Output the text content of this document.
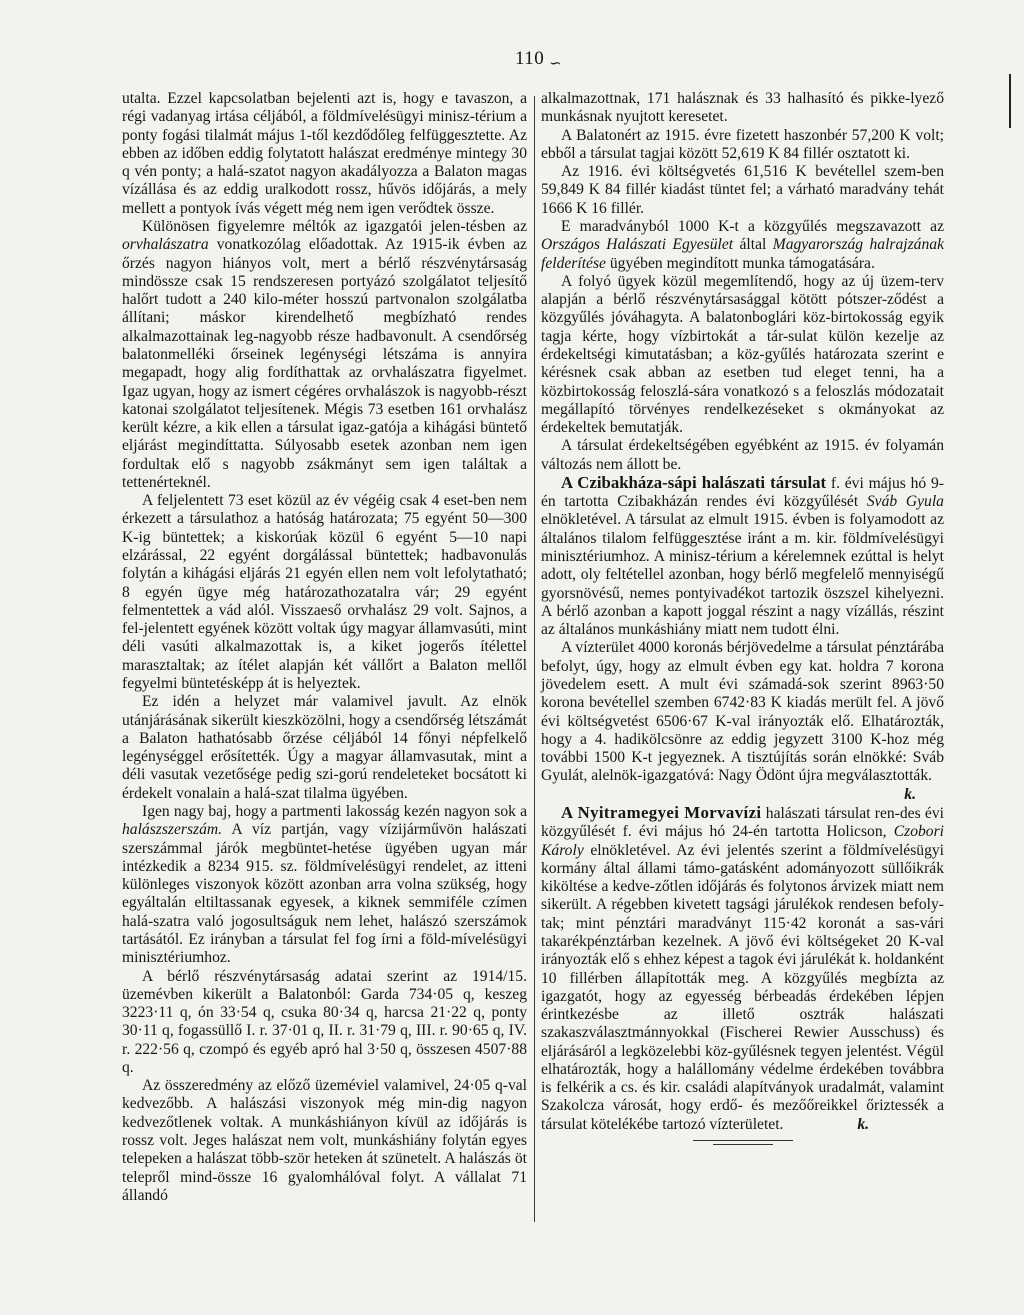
110 ∽

utalta. Ezzel kapcsolatban bejelenti azt is, hogy e tavaszon, a régi vadanyag irtása céljából, a földmívelésügyi minisz-térium a ponty fogási tilalmát május 1-től kezdődőleg felfüggesztette. Az ebben az időben eddig folytatott halászat eredménye mintegy 30 q vén ponty; a halá-szatot nagyon akadályozza a Balaton magas vízállása és az eddig uralkodott rossz, hűvös időjárás, a mely mellett a pontyok ívás végett még nem igen verődtek össze.

Különösen figyelemre méltók az igazgatói jelen-tésben az orvhalászatra vonatkozólag előadottak. Az 1915-ik évben az őrzés nagyon hiányos volt, mert a bérlő részvénytársaság mindössze csak 15 rendszeresen portyázó szolgálatot teljesítő halőrt tudott a 240 kilo-méter hosszú partvonalon szolgálatba állítani; máskor kirendelhető megbízható rendes alkalmazottainak leg-nagyobb része hadbavonult. A csendőrség balatonmelléki őrseinek legénységi létszáma is annyira megapadt, hogy alig fordíthattak az orvhalászatra figyelmet. Igaz ugyan, hogy az ismert cégéres orvhalászok is nagyobb-részt katonai szolgálatot teljesítenek. Mégis 73 esetben 161 orvhalász került kézre, a kik ellen a társulat igaz-gatója a kihágási büntető eljárást megindíttatta. Súlyosabb esetek azonban nem igen fordultak elő s nagyobb zsákmányt sem igen találtak a tettenérteknél.

A feljelentett 73 eset közül az év végéig csak 4 eset-ben nem érkezett a társulathoz a hatóság határozata; 75 egyént 50—300 K-ig büntettek; a kiskorúak közül 6 egyént 5—10 napi elzárással, 22 egyént dorgálással büntettek; hadbavonulás folytán a kihágási eljárás 21 egyén ellen nem volt lefolytatható; 8 egyén ügye még határozathozatalra vár; 29 egyént felmentettek a vád alól. Visszaeső orvhalász 29 volt. Sajnos, a fel-jelentett egyének között voltak úgy magyar államvasúti, mint déli vasúti alkalmazottak is, a kiket jogerős ítélettel marasztaltak; az ítélet alapján két vállőrt a Balaton mellől fegyelmi büntetésképp át is helyeztek.

Ez idén a helyzet már valamivel javult. Az elnök utánjárásának sikerült kieszközölni, hogy a csendőrség létszámát a Balaton hathatósabb őrzése céljából 14 főnyi népfelkelő legénységgel erősítették. Úgy a magyar államvasutak, mint a déli vasutak vezetősége pedig szi-gorú rendeleteket bocsátott ki érdekelt vonalain a halá-szat tilalma ügyében.

Igen nagy baj, hogy a partmenti lakosság kezén nagyon sok a halászszerszám. A víz partján, vagy vízijárművön halászati szerszámmal járók megbüntet-hetése ügyében ugyan már intézkedik a 8234 915. sz. földmívelésügyi rendelet, az itteni különleges viszonyok között azonban arra volna szükség, hogy egyáltalán eltiltassanak egyesek, a kiknek semmiféle czímen halá-szatra való jogosultságuk nem lehet, halászó szerszámok tartásától. Ez irányban a társulat fel fog írni a föld-mívelésügyi minisztériumhoz.

A bérlő részvénytársaság adatai szerint az 1914/15. üzemévben kikerült a Balatonból: Garda 734·05 q, keszeg 3223·11 q, ón 33·54 q, csuka 80·34 q, harcsa 21·22 q, ponty 30·11 q, fogassüllő I. r. 37·01 q, II. r. 31·79 q, III. r. 90·65 q, IV. r. 222·56 q, czompó és egyéb apró hal 3·50 q, összesen 4507·88 q.

Az összeredmény az előző üzeméviel valamivel, 24·05 q-val kedvezőbb. A halászási viszonyok még min-dig nagyon kedvezőtlenek voltak. A munkáshiányon kívül az időjárás is rossz volt. Jeges halászat nem volt, munkáshiány folytán egyes telepeken a halászat több-ször heteken át szünetelt. A halászás öt telepről mind-össze 16 gyalomhálóval folyt. A vállalat 71 állandó

alkalmazottnak, 171 halásznak és 33 halhasító és pikke-lyező munkásnak nyujtott keresetet.

A Balatonért az 1915. évre fizetett haszonbér 57,200 K volt; ebből a társulat tagjai között 52,619 K 84 fillér osztatott ki.

Az 1916. évi költségvetés 61,516 K bevétellel szem-ben 59,849 K 84 fillér kiadást tüntet fel; a várható maradvány tehát 1666 K 16 fillér.

E maradványból 1000 K-t a közgyűlés megszavazott az Országos Halászati Egyesület által Magyarország halrajzának felderítése ügyében megindított munka támogatására.

A folyó ügyek közül megemlítendő, hogy az új üzem-terv alapján a bérlő részvénytársasággal kötött pótszer-ződést a közgyűlés jóváhagyta. A balatonboglári köz-birtokosság egyik tagja kérte, hogy vízbirtokát a tár-sulat külön kezelje az érdekeltségi kimutatásban; a köz-gyűlés határozata szerint e kérésnek csak abban az esetben tud eleget tenni, ha a közbirtokosság feloszlá-sára vonatkozó s a feloszlás módozatait megállapító törvényes rendelkezéseket s okmányokat az érdekeltek bemutatják.

A társulat érdekeltségében egyébként az 1915. év folyamán változás nem állott be.

A Czibakháza-sápi halászati társulat f. évi május hó 9-én tartotta Czibakházán rendes évi közgyűlését Sváb Gyula elnökletével. A társulat az elmult 1915. évben is folyamodott az általános tilalom felfüggesztése iránt a m. kir. földmívelésügyi minisztériumhoz. A minisz-térium a kérelemnek ezúttal is helyt adott, oly feltétellel azonban, hogy bérlő megfelelő mennyiségű gyorsnövésű, nemes pontyivadékot tartozik öszszel kihelyezni. A bérlő azonban a kapott joggal részint a nagy vízállás, részint az általános munkáshiány miatt nem tudott élni.

A vízterület 4000 koronás bérjövedelme a társulat pénztárába befolyt, úgy, hogy az elmult évben egy kat. holdra 7 korona jövedelem esett. A mult évi számadá-sok szerint 8963·50 korona bevétellel szemben 6742·83 K kiadás merült fel. A jövő évi költségvetést 6506·67 K-val irányozták elő. Elhatározták, hogy a 4. hadikölcsönre az eddig jegyzett 3100 K-hoz még további 1500 K-t jegyeznek. A tisztújítás során elnökké: Sváb Gyulát, alelnök-igazgatóvá: Nagy Ödönt újra megválasztották.

k.

A Nyitramegyei Morvavízi halászati társulat ren-des évi közgyűlését f. évi május hó 24-én tartotta Holicson, Czobori Károly elnökletével. Az évi jelentés szerint a földmívelésügyi kormány által állami támo-gatásként adományozott süllőikrák kiköltése a kedve-zőtlen időjárás és folytonos árvizek miatt nem sikerült. A régebben kivetett tagsági járulékok rendesen befoly-tak; mint pénztári maradványt 115·42 koronát a sas-vári takarékpénztárban kezelnek. A jövő évi költségeket 20 K-val irányozták elő s ehhez képest a tagok évi járulékát k. holdanként 10 fillérben állapították meg. A közgyűlés megbízta az igazgatót, hogy az egyesség bérbeadás érdekében lépjen érintkezésbe az illető osztrák halászati szakaszválasztmánnyokkal (Fischerei Rewier Ausschuss) és eljárásáról a legközelebbi köz-gyűlésnek tegyen jelentést. Végül elhatározták, hogy a halállomány védelme érdekében továbbra is felkérik a cs. és kir. családi alapítványok uradalmát, valamint Szakolcza városát, hogy erdő- és mezőőreikkel őriztessék a társulat kötelékébe tartozó vízterületet.	k.
